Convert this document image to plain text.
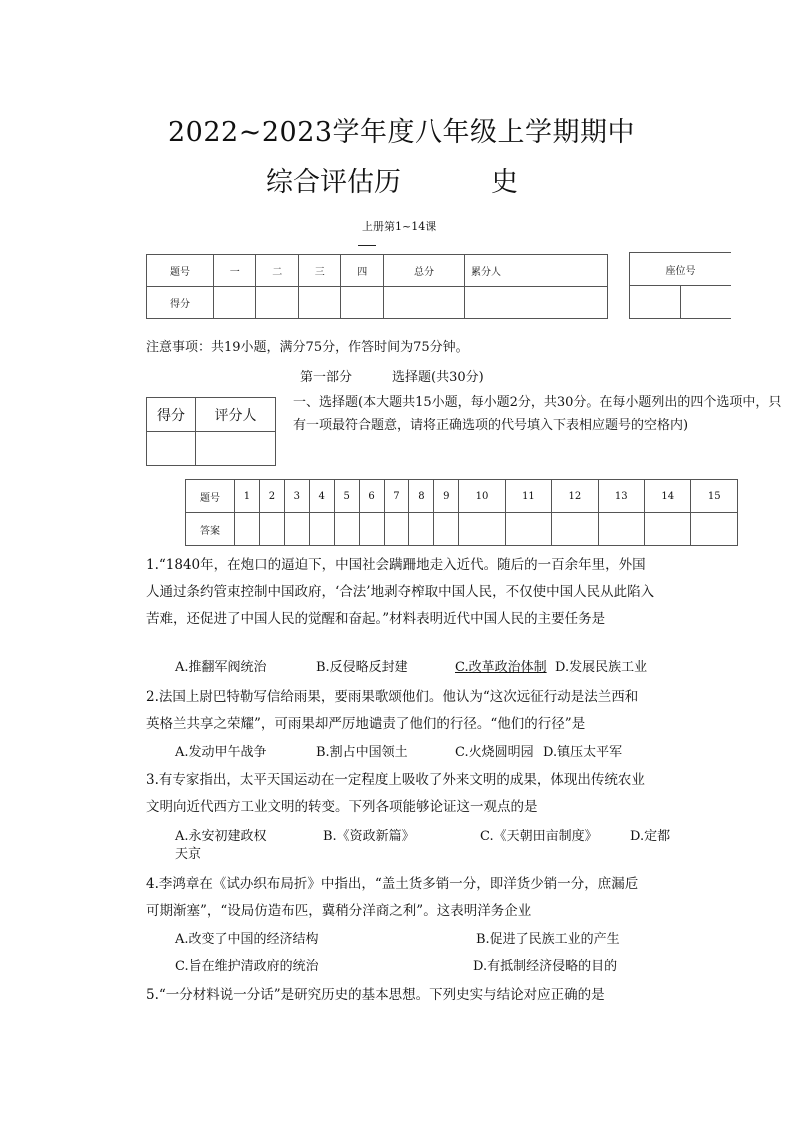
2022~2023学年度八年级上学期期中
综合评估历	史
上册第1~14课
题号	一	二	三	四	总分	累分人
得分						
座位号

注意事项：共19小题，满分75分，作答时间为75分钟。
第一部分	选择题(共30分)
得分	评分人

一、选择题(本大题共15小题，每小题2分，共30分。在每小题列出的四个选项中，只有一项最符合题意，请将正确选项的代号填入下表相应题号的空格内)
题号	1	2	3	4	5	6	7	8	9	10	11	12	13	14	15
答案															
1.“1840年，在炮口的逼迫下，中国社会蹒跚地走入近代。随后的一百余年里，外国人通过条约管束控制中国政府，‘合法’地剥夺榨取中国人民，不仅使中国人民从此陷入苦难，还促进了中国人民的觉醒和奋起。”材料表明近代中国人民的主要任务是
A.推翻军阀统治	B.反侵略反封建	C.改革政治体制 D.发展民族工业
2.法国上尉巴特勒写信给雨果，要雨果歌颂他们。他认为“这次远征行动是法兰西和英格兰共享之荣耀”，可雨果却严厉地谴责了他们的行径。“他们的行径”是
A.发动甲午战争	B.割占中国领土	C.火烧圆明园 D.镇压太平军
3.有专家指出，太平天国运动在一定程度上吸收了外来文明的成果，体现出传统农业文明向近代西方工业文明的转变。下列各项能够论证这一观点的是
A.永安初建政权	B.《资政新篇》	C.《天朝田亩制度》 D.定都
天京
4.李鸿章在《试办织布局折》中指出，“盖土货多销一分，即洋货少销一分，庶漏卮可期渐塞”，“设局仿造布匹，冀稍分洋商之利”。这表明洋务企业
A.改变了中国的经济结构	B.促进了民族工业的产生
C.旨在维护清政府的统治	D.有抵制经济侵略的目的
5.“一分材料说一分话”是研究历史的基本思想。下列史实与结论对应正确的是
